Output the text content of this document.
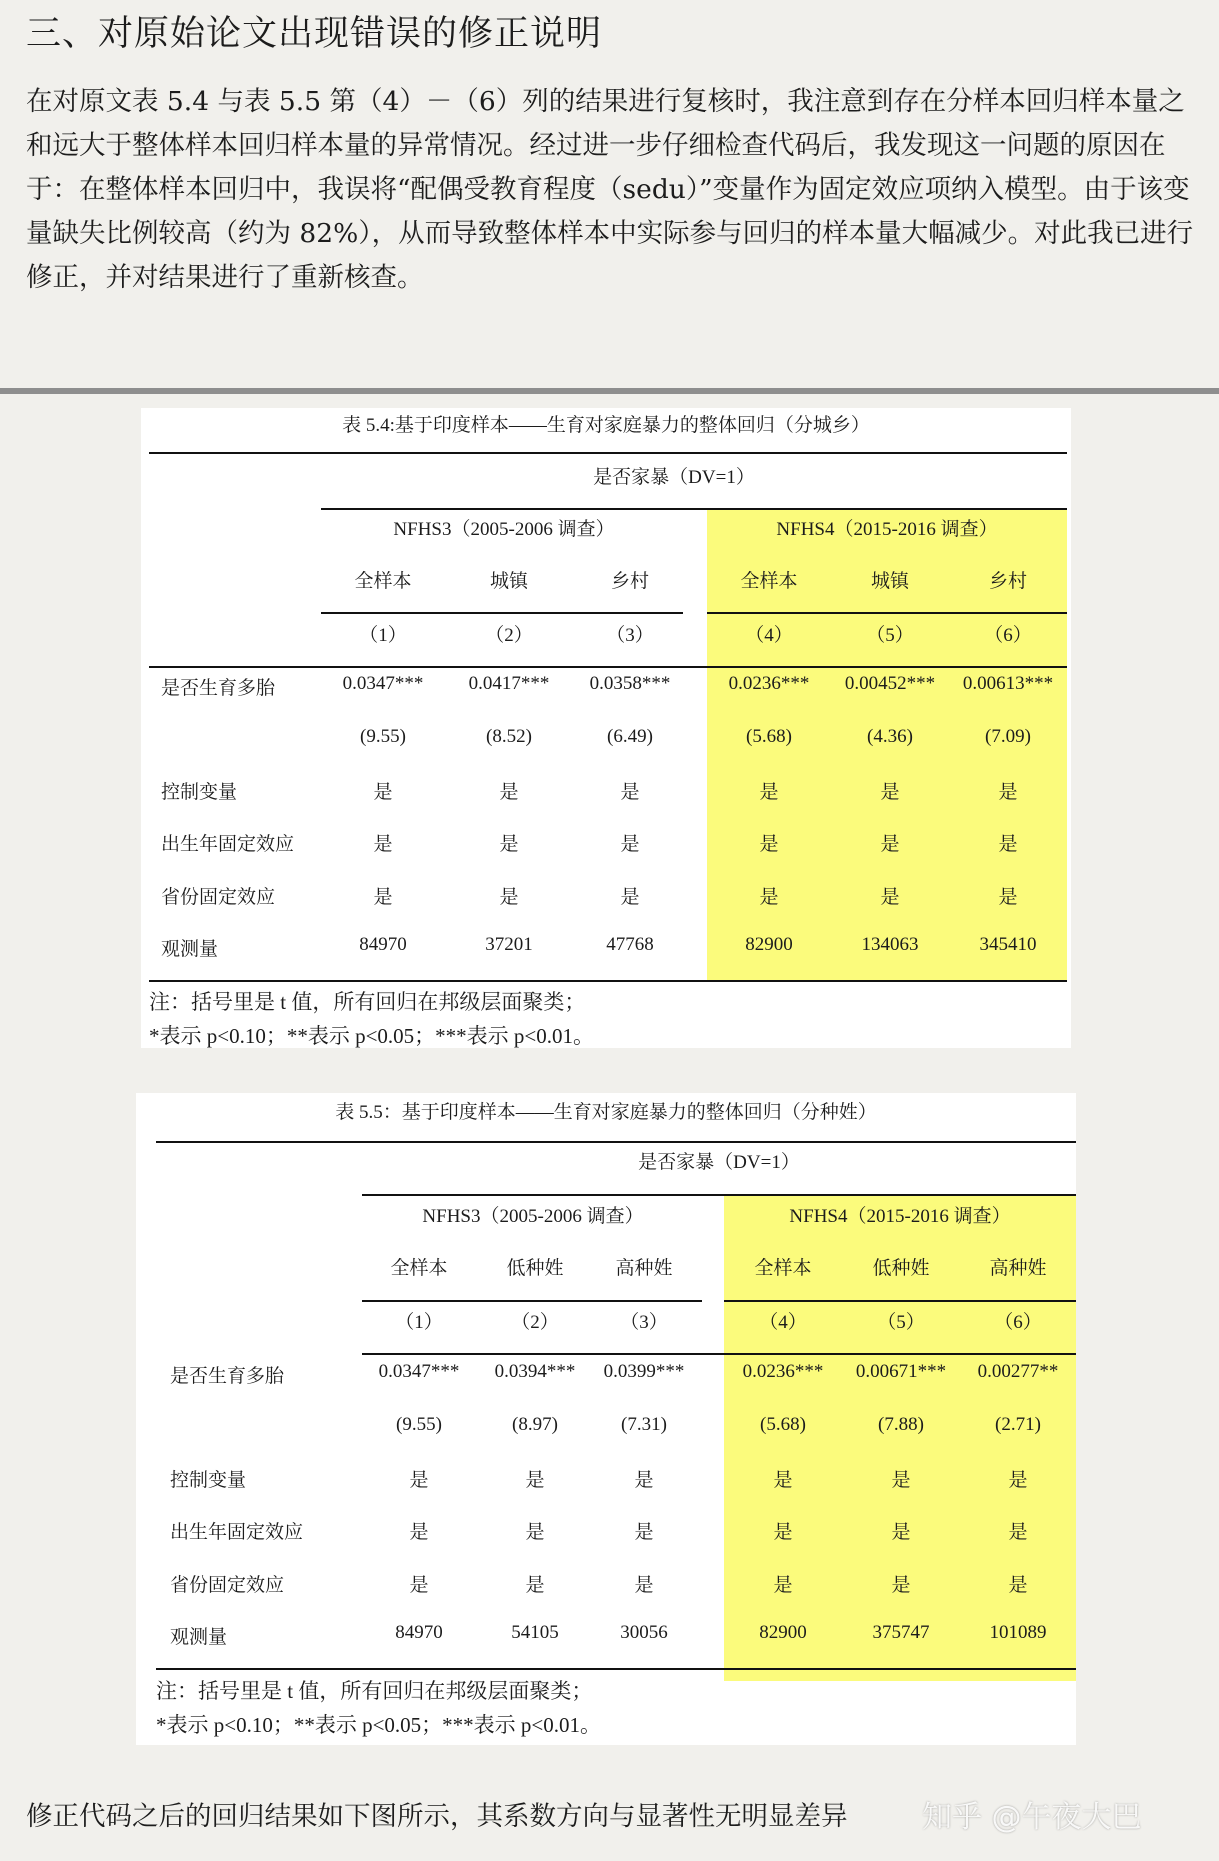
三、对原始论文出现错误的修正说明

在对原文表 5.4 与表 5.5 第（4）－（6）列的结果进行复核时，我注意到存在分样本回归样本量之和远大于整体样本回归样本量的异常情况。经过进一步仔细检查代码后，我发现这一问题的原因在于：在整体样本回归中，我误将“配偶受教育程度（sedu）”变量作为固定效应项纳入模型。由于该变量缺失比例较高（约为 82%），从而导致整体样本中实际参与回归的样本量大幅减少。对此我已进行修正，并对结果进行了重新核查。

表 5.4:基于印度样本——生育对家庭暴力的整体回归（分城乡）
是否家暴（DV=1）
NFHS3（2005-2006 调查）	NFHS4（2015-2016 调查）
全样本	城镇	乡村	全样本	城镇	乡村
（1）	（2）	（3）	（4）	（5）	（6）
是否生育多胎	0.0347***	0.0417***	0.0358***	0.0236***	0.00452***	0.00613***
(9.55)	(8.52)	(6.49)	(5.68)	(4.36)	(7.09)
控制变量	是	是	是	是	是	是
出生年固定效应	是	是	是	是	是	是
省份固定效应	是	是	是	是	是	是
观测量	84970	37201	47768	82900	134063	345410
注：括号里是 t 值，所有回归在邦级层面聚类；
*表示 p<0.10；**表示 p<0.05；***表示 p<0.01。
表 5.5：基于印度样本——生育对家庭暴力的整体回归（分种姓）
是否家暴（DV=1）
NFHS3（2005-2006 调查）	NFHS4（2015-2016 调查）
全样本	低种姓	高种姓	全样本	低种姓	高种姓
（1）	（2）	（3）	（4）	（5）	（6）
是否生育多胎	0.0347***	0.0394***	0.0399***	0.0236***	0.00671***	0.00277**
(9.55)	(8.97)	(7.31)	(5.68)	(7.88)	(2.71)
控制变量	是	是	是	是	是	是
出生年固定效应	是	是	是	是	是	是
省份固定效应	是	是	是	是	是	是
观测量	84970	54105	30056	82900	375747	101089
注：括号里是 t 值，所有回归在邦级层面聚类；
*表示 p<0.10；**表示 p<0.05；***表示 p<0.01。

修正代码之后的回归结果如下图所示，其系数方向与显著性无明显差异 知乎 @午夜大巴
